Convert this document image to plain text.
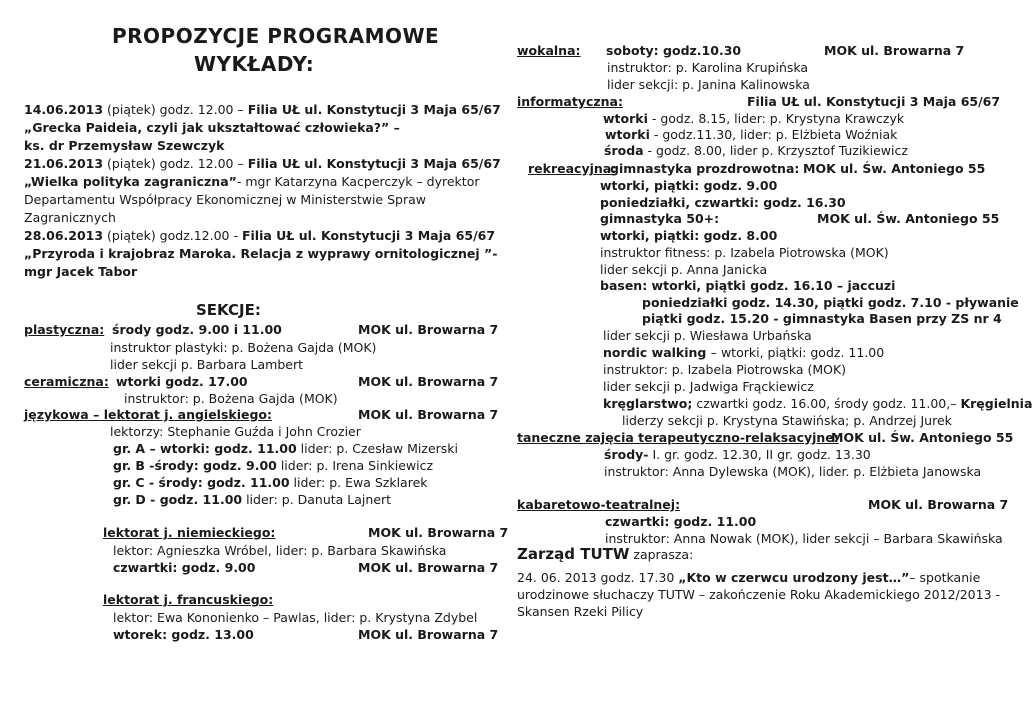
PROPOZYCJE PROGRAMOWE
WYKŁADY:
14.06.2013 (piątek) godz. 12.00 – Filia UŁ ul. Konstytucji 3 Maja 65/67
„Grecka Paideia, czyli jak ukształtować człowieka?” –
ks. dr Przemysław Szewczyk
21.06.2013 (piątek) godz. 12.00 – Filia UŁ ul. Konstytucji 3 Maja 65/67
„Wielka polityka zagraniczna”- mgr Katarzyna Kacperczyk – dyrektor
Departamentu Współpracy Ekonomicznej w Ministerstwie Spraw
Zagranicznych
28.06.2013 (piątek) godz.12.00 - Filia UŁ ul. Konstytucji 3 Maja 65/67
„Przyroda i krajobraz Maroka. Relacja z wyprawy ornitologicznej ”-
mgr Jacek Tabor
SEKCJE:
plastyczna: środy godz. 9.00 i 11.00	MOK ul. Browarna 7
instruktor plastyki: p. Bożena Gajda (MOK)
lider sekcji p. Barbara Lambert
ceramiczna: wtorki godz. 17.00	MOK ul. Browarna 7
instruktor: p. Bożena Gajda (MOK)
językowa – lektorat j. angielskiego:	MOK ul. Browarna 7
lektorzy: Stephanie Guźda i John Crozier
gr. A – wtorki: godz. 11.00 lider: p. Czesław Mizerski
gr. B -środy: godz. 9.00 lider: p. Irena Sinkiewicz
gr. C - środy: godz. 11.00 lider: p. Ewa Szklarek
gr. D - godz. 11.00 lider: p. Danuta Lajnert
lektorat j. niemieckiego:	MOK ul. Browarna 7
lektor: Agnieszka Wróbel, lider: p. Barbara Skawińska
czwartki: godz. 9.00	MOK ul. Browarna 7
lektorat j. francuskiego:
lektor: Ewa Kononienko – Pawlas, lider: p. Krystyna Zdybel
wtorek: godz. 13.00	MOK ul. Browarna 7
wokalna: soboty: godz.10.30	MOK ul. Browarna 7
instruktor: p. Karolina Krupińska
lider sekcji: p. Janina Kalinowska
informatyczna:	Filia UŁ ul. Konstytucji 3 Maja 65/67
wtorki - godz. 8.15, lider: p. Krystyna Krawczyk
wtorki - godz.11.30, lider: p. Elżbieta Woźniak
środa - godz. 8.00, lider p. Krzysztof Tuzikiewicz
rekreacyjna:
gimnastyka prozdrowotna: MOK ul. Św. Antoniego 55
wtorki, piątki: godz. 9.00
poniedziałki, czwartki: godz. 16.30
gimnastyka 50+:	MOK ul. Św. Antoniego 55
wtorki, piątki: godz. 8.00
instruktor fitness: p. Izabela Piotrowska (MOK)
lider sekcji p. Anna Janicka
basen: wtorki, piątki godz. 16.10 – jaccuzi
poniedziałki godz. 14.30, piątki godz. 7.10 - pływanie
piątki godz. 15.20 - gimnastyka Basen przy ZS nr 4
lider sekcji p. Wiesława Urbańska
nordic walking – wtorki, piątki: godz. 11.00
instruktor: p. Izabela Piotrowska (MOK)
lider sekcji p. Jadwiga Frąckiewicz
kręglarstwo; czwartki godz. 16.00, środy godz. 11.00,– Kręgielnia
liderzy sekcji p. Krystyna Stawińska; p. Andrzej Jurek
taneczne zajęcia terapeutyczno-relaksacyjne:
MOK ul. Św. Antoniego 55
środy- I. gr. godz. 12.30, II gr. godz. 13.30
instruktor: Anna Dylewska (MOK), lider. p. Elżbieta Janowska
kabaretowo-teatralnej:	MOK ul. Browarna 7
czwartki: godz. 11.00
instruktor: Anna Nowak (MOK), lider sekcji – Barbara Skawińska
Zarząd TUTW zaprasza:
24. 06. 2013 godz. 17.30 „Kto w czerwcu urodzony jest…”– spotkanie
urodzinowe słuchaczy TUTW – zakończenie Roku Akademickiego 2012/2013 -
Skansen Rzeki Pilicy
